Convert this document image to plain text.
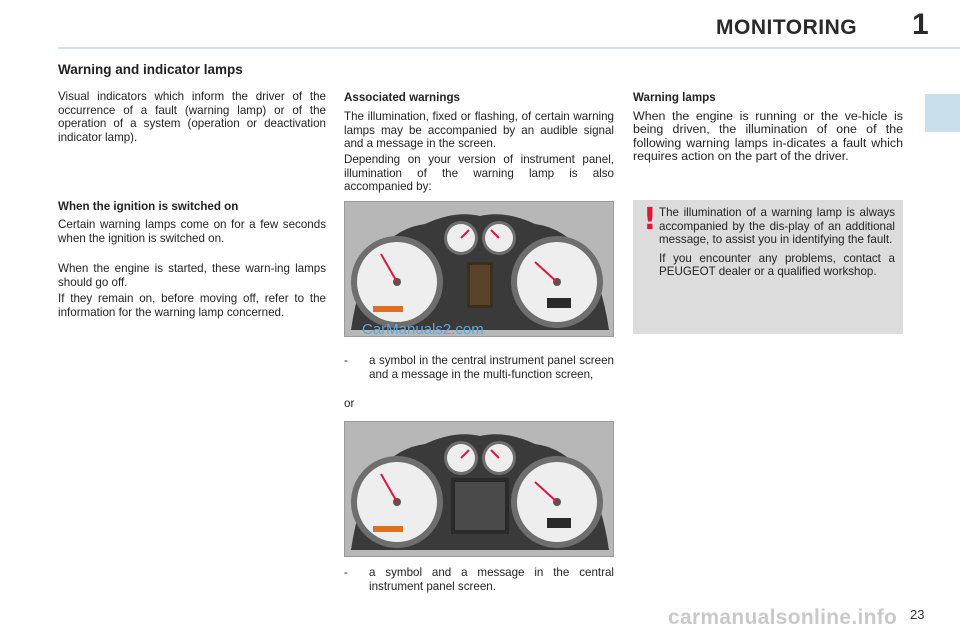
MONITORING 1
Warning and indicator lamps

Visual indicators which inform the driver of the occurrence of a fault (warning lamp) or of the operation of a system (operation or deactivation indicator lamp).

When the ignition is switched on

Certain warning lamps come on for a few seconds when the ignition is switched on.

When the engine is started, these warn-ing lamps should go off.

If they remain on, before moving off, refer to the information for the warning lamp concerned.

Associated warnings

The illumination, fixed or flashing, of certain warning lamps may be accompanied by an audible signal and a message in the screen.

Depending on your version of instrument panel, illumination of the warning lamp is also accompanied by:

CarManuals2.com
- a symbol in the central instrument panel screen and a message in the multi-function screen,
or
- a symbol and a message in the central instrument panel screen.
Warning lamps

When the engine is running or the ve-hicle is being driven, the illumination of one of the following warning lamps in-dicates a fault which requires action on the part of the driver.

! The illumination of a warning lamp is always accompanied by the dis-play of an additional message, to assist you in identifying the fault.

If you encounter any problems, contact a PEUGEOT dealer or a qualified workshop.

carmanualsonline.info 23
